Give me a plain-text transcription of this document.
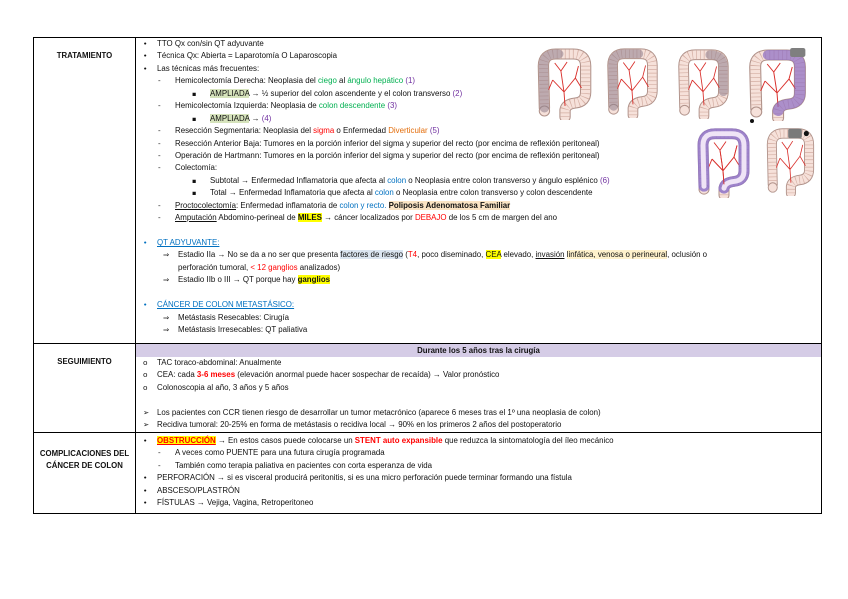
TRATAMIENTO
• TTO Qx con/sin QT adyuvante
• Técnica Qx: Abierta = Laparotomía O Laparoscopia
• Las técnicas más frecuentes:
- Hemicolectomía Derecha: Neoplasia del ciego al ángulo hepático (1)
▪ AMPLIADA → ½ superior del colon ascendente y el colon transverso (2)
- Hemicolectomía Izquierda: Neoplasia de colon descendente (3)
▪ AMPLIADA → (4)
- Resección Segmentaria: Neoplasia del sigma o Enfermedad Diverticular (5)
- Resección Anterior Baja: Tumores en la porción inferior del sigma y superior del recto (por encima de reflexión peritoneal)
- Operación de Hartmann: Tumores en la porción inferior del sigma y superior del recto (por encima de reflexión peritoneal)
- Colectomía:
▪ Subtotal → Enfermedad Inflamatoria que afecta al colon o Neoplasia entre colon transverso y ángulo esplénico (6)
▪ Total → Enfermedad Inflamatoria que afecta al colon o Neoplasia entre colon transverso y colon descendente
- Proctocolectomía: Enfermedad inflamatoria de colon y recto. Poliposis Adenomatosa Familiar
- Amputación Abdomino-perineal de MILES → cáncer localizados por DEBAJO de los 5 cm de margen del ano
• QT ADYUVANTE:
⇒ Estadio IIa → No se da a no ser que presenta factores de riesgo (T4, poco diseminado, CEA elevado, invasión linfática, venosa o perineural, oclusión o
perforación tumoral, < 12 ganglios analizados)
⇒ Estadio IIb o III → QT porque hay ganglios
• CÁNCER DE COLON METASTÁSICO:
⇒ Metástasis Resecables: Cirugía
⇒ Metástasis Irresecables: QT paliativa
SEGUIMIENTO
Durante los 5 años tras la cirugía
o TAC toraco-abdominal: Anualmente
o CEA: cada 3-6 meses (elevación anormal puede hacer sospechar de recaída) → Valor pronóstico
o Colonoscopia al año, 3 años y 5 años
➢ Los pacientes con CCR tienen riesgo de desarrollar un tumor metacrónico (aparece 6 meses tras el 1º una neoplasia de colon)
➢ Recidiva tumoral: 20-25% en forma de metástasis o recidiva local → 90% en los primeros 2 años del postoperatorio
COMPLICACIONES DEL
CÁNCER DE COLON
• OBSTRUCCIÓN → En estos casos puede colocarse un STENT auto expansible que reduzca la sintomatología del íleo mecánico
- A veces como PUENTE para una futura cirugía programada
- También como terapia paliativa en pacientes con corta esperanza de vida
• PERFORACIÓN → si es visceral producirá peritonitis, si es una micro perforación puede terminar formando una fístula
• ABSCESO/PLASTRÓN
• FÍSTULAS → Vejiga, Vagina, Retroperitoneo
